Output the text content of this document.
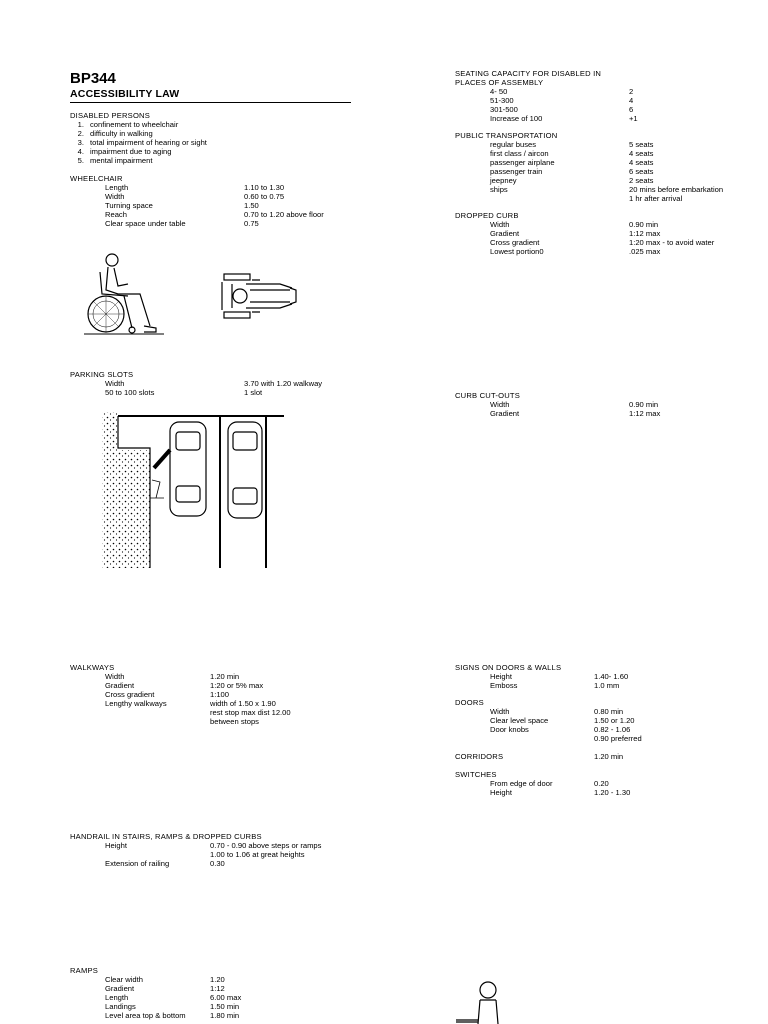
BP344
ACCESSIBILITY LAW
DISABLED PERSONS
1. confinement to wheelchair
2. difficulty in walking
3. total impairment of hearing or sight
4. impairment due to aging
5. mental impairment
WHEELCHAIR
Length	1.10 to 1.30
Width	0.60 to 0.75
Turning space	1.50
Reach	0.70 to 1.20 above floor
Clear space under table	0.75
PARKING SLOTS
Width	3.70 with 1.20 walkway
50 to 100 slots	1 slot
WALKWAYS
Width	1.20 min
Gradient	1:20 or 5% max
Cross gradient	1:100
Lengthy walkways	width of 1.50 x 1.90
rest stop max dist 12.00
between stops
HANDRAIL IN STAIRS, RAMPS & DROPPED CURBS
Height	0.70 - 0.90 above steps or ramps
1.00 to 1.06 at great heights
Extension of railing	0.30
RAMPS
Clear width	1.20
Gradient	1:12
Length	6.00 max
Landings	1.50 min
Level area top & bottom	1.80 min
SEATING CAPACITY FOR DISABLED IN
PLACES OF ASSEMBLY
4- 50	2
51-300	4
301-500	6
Increase of 100	+1
PUBLIC TRANSPORTATION
regular buses	5 seats
first class / aircon	4 seats
passenger airplane	4 seats
passenger train	6 seats
jeepney	2 seats
ships	20 mins before embarkation
1 hr after arrival
DROPPED CURB
Width	0.90 min
Gradient	1:12 max
Cross gradient	1:20 max - to avoid water
Lowest portion0	.025 max
CURB CUT-OUTS
Width	0.90 min
Gradient	1:12 max
SIGNS ON DOORS & WALLS
Height	1.40- 1.60
Emboss	1.0 mm
DOORS
Width	0.80 min
Clear level space	1.50 or 1.20
Door knobs	0.82 - 1.06
0.90 preferred
CORRIDORS	1.20 min
SWITCHES
From edge of door	0.20
Height	1.20 - 1.30
